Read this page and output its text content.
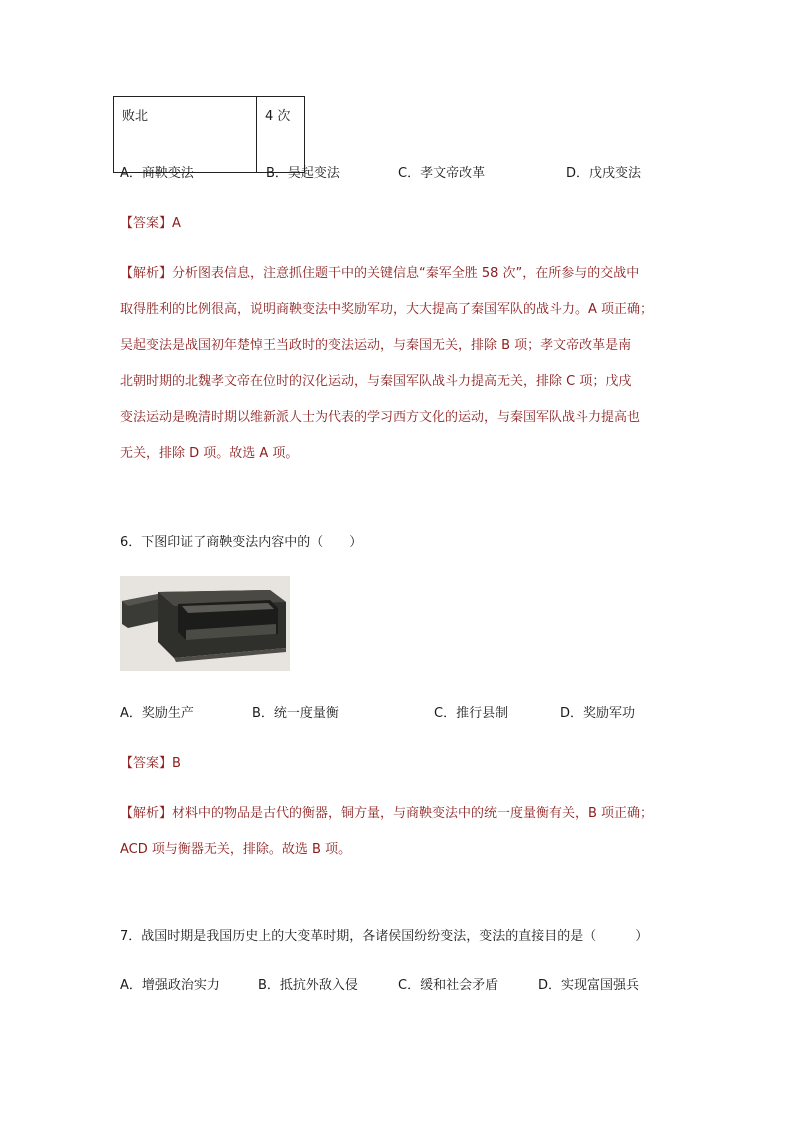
败北	4 次
A．商鞅变法	B．吴起变法	C．孝文帝改革	D．戊戌变法
【答案】A
【解析】分析图表信息，注意抓住题干中的关键信息“秦军全胜 58 次”，在所参与的交战中
取得胜利的比例很高，说明商鞅变法中奖励军功，大大提高了秦国军队的战斗力。A 项正确；
吴起变法是战国初年楚悼王当政时的变法运动，与秦国无关，排除 B 项；孝文帝改革是南
北朝时期的北魏孝文帝在位时的汉化运动，与秦国军队战斗力提高无关，排除 C 项；戊戌
变法运动是晚清时期以维新派人士为代表的学习西方文化的运动，与秦国军队战斗力提高也
无关，排除 D 项。故选 A 项。
6．下图印证了商鞅变法内容中的（　　）
A．奖励生产	B．统一度量衡	C．推行县制	D．奖励军功
【答案】B
【解析】材料中的物品是古代的衡器，铜方量，与商鞅变法中的统一度量衡有关，B 项正确；
ACD 项与衡器无关，排除。故选 B 项。
7．战国时期是我国历史上的大变革时期，各诸侯国纷纷变法，变法的直接目的是（　　　）
A．增强政治实力	B．抵抗外敌入侵	C．缓和社会矛盾	D．实现富国强兵
